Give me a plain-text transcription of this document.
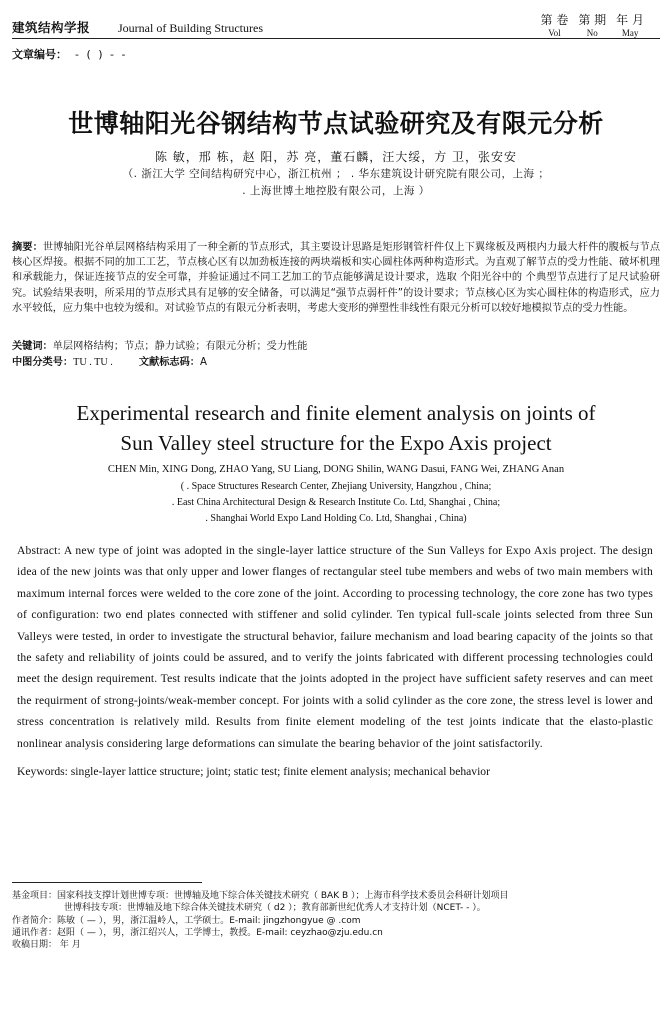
建筑结构学报 Journal of Building Structures
第 卷
Vol
第 期
No
年 月
May
文章编号： - ( ) - -
世博轴阳光谷钢结构节点试验研究及有限元分析
陈 敏，邢 栋，赵 阳，苏 亮，董石麟，汪大绥，方 卫，张安安
（. 浙江大学 空间结构研究中心，浙江杭州 ； . 华东建筑设计研究院有限公司，上海 ；
. 上海世博土地控股有限公司，上海 ）
摘要：世博轴阳光谷单层网格结构采用了一种全新的节点形式，其主要设计思路是矩形钢管杆件仅上下翼缘板及两根内力最大杆件的腹板与节点核心区焊接。根据不同的加工工艺，节点核心区有以加劲板连接的两块端板和实心圆柱体两种构造形式。为直观了解节点的受力性能、破坏机理和承载能力，保证连接节点的安全可靠，并验证通过不同工艺加工的节点能够满足设计要求，选取 个阳光谷中的 个典型节点进行了足尺试验研究。试验结果表明，所采用的节点形式具有足够的安全储备，可以满足“强节点弱杆件”的设计要求；节点核心区为实心圆柱体的构造形式，应力水平较低，应力集中也较为缓和。对试验节点的有限元分析表明，考虑大变形的弹塑性非线性有限元分析可以较好地模拟节点的受力性能。
关键词：单层网格结构；节点；静力试验；有限元分析；受力性能
中图分类号：TU . TU .	文献标志码：A
Experimental research and finite element analysis on joints of
Sun Valley steel structure for the Expo Axis project
CHEN Min, XING Dong, ZHAO Yang, SU Liang, DONG Shilin, WANG Dasui, FANG Wei, ZHANG Anan
( . Space Structures Research Center, Zhejiang University, Hangzhou , China;
. East China Architectural Design & Research Institute Co. Ltd, Shanghai , China;
. Shanghai World Expo Land Holding Co. Ltd, Shanghai , China)
Abstract: A new type of joint was adopted in the single-layer lattice structure of the Sun Valleys for Expo Axis project. The design idea of the new joints was that only upper and lower flanges of rectangular steel tube members and webs of two main members with maximum internal forces were welded to the core zone of the joint. According to processing technology, the core zone has two types of configuration: two end plates connected with stiffener and solid cylinder. Ten typical full-scale joints selected from three Sun Valleys were tested, in order to investigate the structural behavior, failure mechanism and load bearing capacity of the joints so that the safety and reliability of joints could be assured, and to verify the joints fabricated with different processing technologies could meet the design requirement. Test results indicate that the joints adopted in the project have sufficient safety reserves and can meet the requirment of strong-joints/weak-member concept. For joints with a solid cylinder as the core zone, the stress level is lower and stress concentration is relatively mild. Results from finite element modeling of the test joints indicate that the elasto-plastic nonlinear analysis considering large deformations can simulate the bearing behavior of the joint satisfactorily.
Keywords: single-layer lattice structure; joint; static test; finite element analysis; mechanical behavior
基金项目：国家科技支撑计划世博专项：世博轴及地下综合体关键技术研究（ BAK B ）；上海市科学技术委员会科研计划项目
世博科技专项：世博轴及地下综合体关键技术研究（ d2 ）；教育部新世纪优秀人才支持计划（NCET- - ）。
作者简介：陈敏（ — ），男，浙江温岭人，工学硕士。E-mail: jingzhongyue @ .com
通讯作者：赵阳（ — ），男，浙江绍兴人，工学博士，教授。E-mail: ceyzhao@zju.edu.cn
收稿日期： 年 月
